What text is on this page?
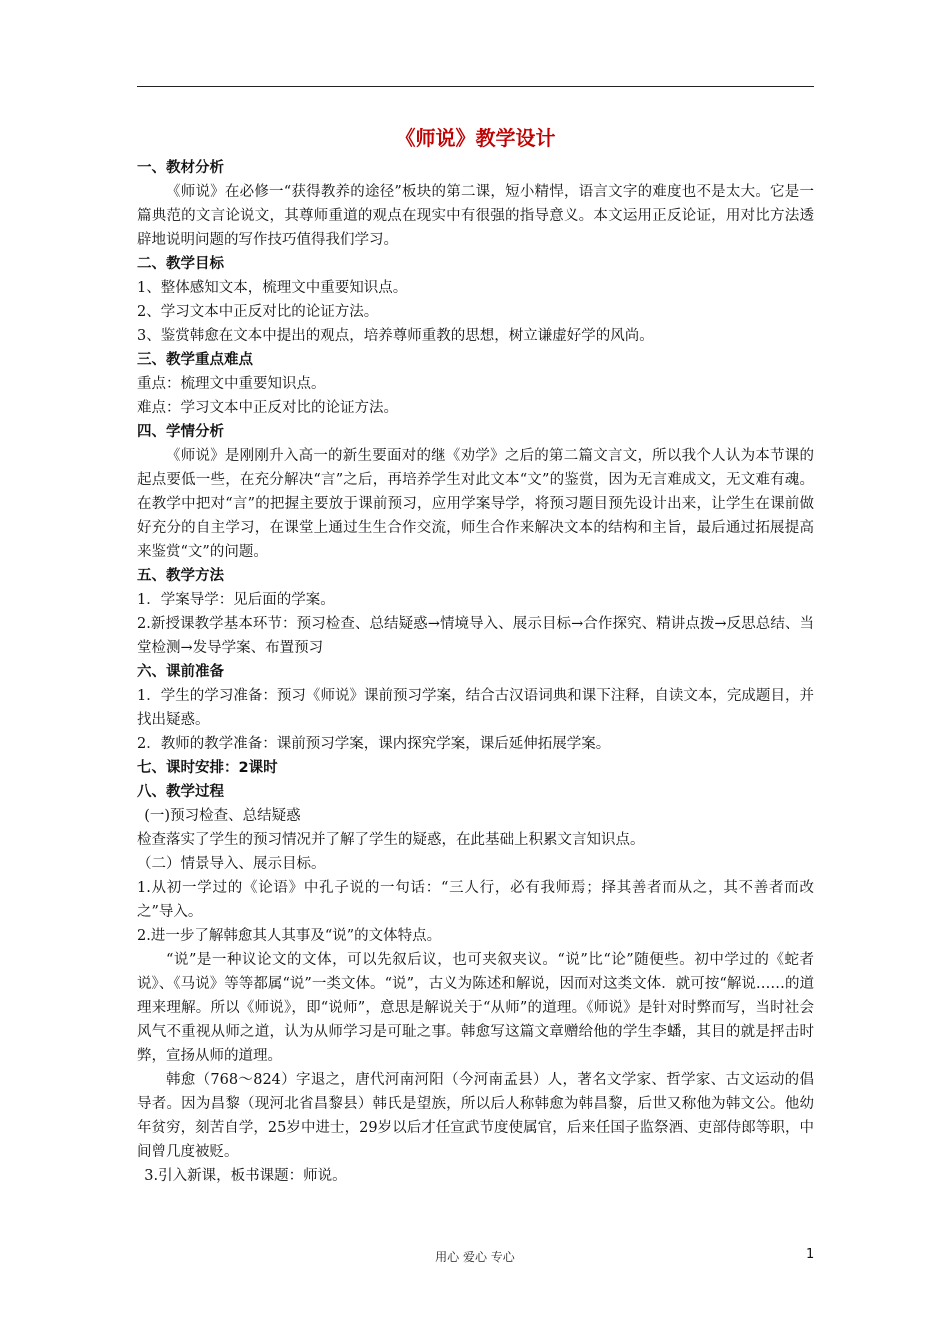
《师说》教学设计
一、教材分析

《师说》在必修一“获得教养的途径”板块的第二课，短小精悍，语言文字的难度也不是太大。它是一篇典范的文言论说文，其尊师重道的观点在现实中有很强的指导意义。本文运用正反论证，用对比方法透辟地说明问题的写作技巧值得我们学习。

二、教学目标

1、整体感知文本，梳理文中重要知识点。

2、学习文本中正反对比的论证方法。

3、鉴赏韩愈在文本中提出的观点，培养尊师重教的思想，树立谦虚好学的风尚。

三、教学重点难点

重点：梳理文中重要知识点。

难点：学习文本中正反对比的论证方法。

四、学情分析

《师说》是刚刚升入高一的新生要面对的继《劝学》之后的第二篇文言文，所以我个人认为本节课的起点要低一些，在充分解决“言”之后，再培养学生对此文本“文”的鉴赏，因为无言难成文，无文难有魂。在教学中把对“言”的把握主要放于课前预习，应用学案导学，将预习题目预先设计出来，让学生在课前做好充分的自主学习，在课堂上通过生生合作交流，师生合作来解决文本的结构和主旨，最后通过拓展提高来鉴赏“文”的问题。

五、教学方法

1．学案导学：见后面的学案。

2.新授课教学基本环节：预习检查、总结疑惑→情境导入、展示目标→合作探究、精讲点拨→反思总结、当堂检测→发导学案、布置预习

六、课前准备

1．学生的学习准备：预习《师说》课前预习学案，结合古汉语词典和课下注释，自读文本，完成题目，并找出疑惑。

2．教师的教学准备：课前预习学案，课内探究学案，课后延伸拓展学案。

七、课时安排：2课时
八、教学过程

(一)预习检查、总结疑惑

检查落实了学生的预习情况并了解了学生的疑惑，在此基础上积累文言知识点。

（二）情景导入、展示目标。

1.从初一学过的《论语》中孔子说的一句话：“三人行，必有我师焉；择其善者而从之，其不善者而改之”导入。

2.进一步了解韩愈其人其事及“说”的文体特点。

“说”是一种议论文的文体，可以先叙后议，也可夹叙夹议。“说”比“论”随便些。初中学过的《蛇者说》、《马说》等等都属“说”一类文体。“说”，古义为陈述和解说，因而对这类文体．就可按“解说……的道理来理解。所以《师说》，即“说师”，意思是解说关于“从师”的道理。《师说》是针对时弊而写，当时社会风气不重视从师之道，认为从师学习是可耻之事。韩愈写这篇文章赠给他的学生李蟠，其目的就是抨击时弊，宣扬从师的道理。

韩愈（768～824）字退之，唐代河南河阳（今河南孟县）人，著名文学家、哲学家、古文运动的倡导者。因为昌黎（现河北省昌黎县）韩氏是望族，所以后人称韩愈为韩昌黎，后世又称他为韩文公。他幼年贫穷，刻苦自学，25岁中进士，29岁以后才任宣武节度使属官，后来任国子监祭酒、吏部侍郎等职，中间曾几度被贬。

3.引入新课，板书课题：师说。

用心 爱心 专心	1
